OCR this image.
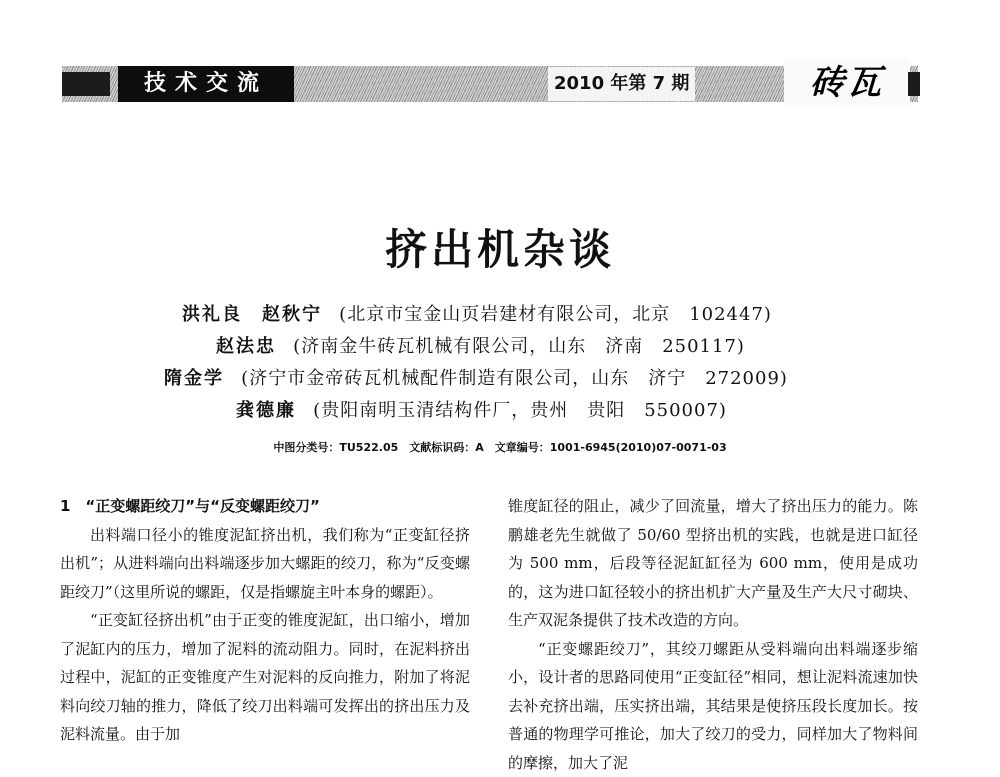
技术交流	2010 年第 7 期	砖瓦
挤出机杂谈
洪礼良　赵秋宁 (北京市宝金山页岩建材有限公司，北京　102447)
赵法忠 (济南金牛砖瓦机械有限公司，山东　济南　250117)
隋金学 (济宁市金帝砖瓦机械配件制造有限公司，山东　济宁　272009)
龚德廉 (贵阳南明玉清结构件厂，贵州　贵阳　550007)
中图分类号：TU522.05　文献标识码：A　文章编号：1001-6945(2010)07-0071-03
1　“正变螺距绞刀”与“反变螺距绞刀”

出料端口径小的锥度泥缸挤出机，我们称为“正变缸径挤出机”；从进料端向出料端逐步加大螺距的绞刀，称为“反变螺距绞刀”（这里所说的螺距，仅是指螺旋主叶本身的螺距）。

“正变缸径挤出机”由于正变的锥度泥缸，出口缩小，增加了泥缸内的压力，增加了泥料的流动阻力。同时，在泥料挤出过程中，泥缸的正变锥度产生对泥料的反向推力，附加了将泥料向绞刀轴的推力，降低了绞刀出料端可发挥出的挤出压力及泥料流量。由于加

锥度缸径的阻止，减少了回流量，增大了挤出压力的能力。陈鹏雄老先生就做了 50/60 型挤出机的实践，也就是进口缸径为 500 mm，后段等径泥缸缸径为 600 mm，使用是成功的，这为进口缸径较小的挤出机扩大产量及生产大尺寸砌块、生产双泥条提供了技术改造的方向。

“正变螺距绞刀”，其绞刀螺距从受料端向出料端逐步缩小，设计者的思路同使用“正变缸径”相同，想让泥料流速加快去补充挤出端，压实挤出端，其结果是使挤压段长度加长。按普通的物理学可推论，加大了绞刀的受力，同样加大了物料间的摩擦，加大了泥
